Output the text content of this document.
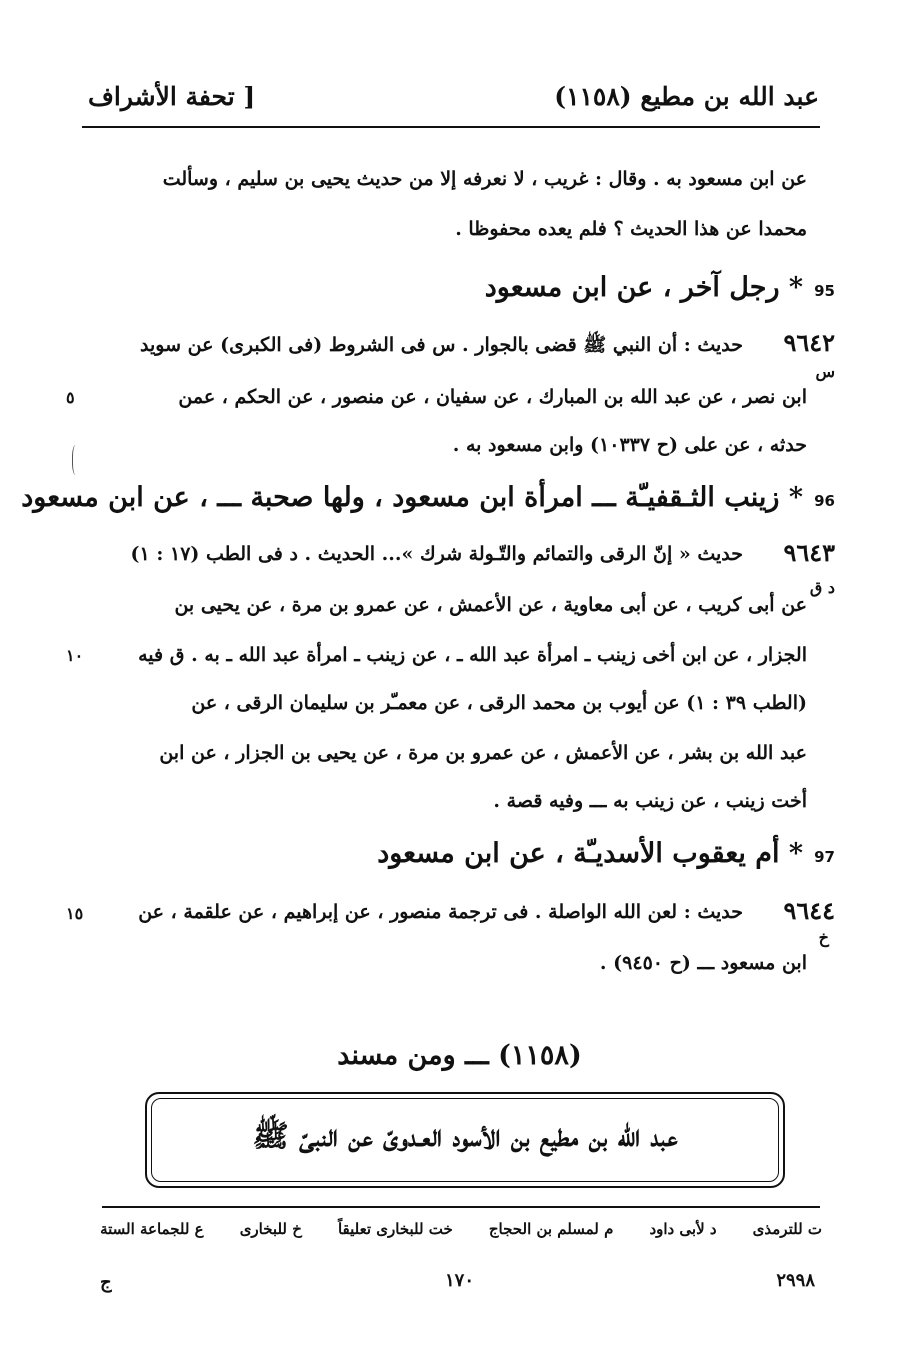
عبد الله بن مطيع (١١٥٨)
[ تحفة الأشراف
عن ابن مسعود به . وقال : غريب ، لا نعرفه إلا من حديث يحيى بن سليم ، وسألت
محمدا عن هذا الحديث ؟ فلم يعده محفوظا .
95
* رجل آخر ، عن ابن مسعود
٩٦٤٢
حديث : أن النبي ﷺ قضى بالجوار . س فى الشروط (فى الكبرى) عن سويد
س
ابن نصر ، عن عبد الله بن المبارك ، عن سفيان ، عن منصور ، عن الحكم ، عمن
٥
حدثه ، عن على (ح ١٠٣٣٧) وابن مسعود به .
96
* زينب الثـقفيـّة ـــ امرأة ابن مسعود ، ولها صحبة ـــ ، عن ابن مسعود
٩٦٤٣
حديث « إنّ الرقى والتمائم والتّـولة شرك »... الحديث . د فى الطب (١٧ : ١)
د ق
عن أبى كريب ، عن أبى معاوية ، عن الأعمش ، عن عمرو بن مرة ، عن يحيى بن
الجزار ، عن ابن أخى زينب ـ امرأة عبد الله ـ ، عن زينب ـ امرأة عبد الله ـ به . ق فيه
١٠
(الطب ٣٩ : ١) عن أيوب بن محمد الرقى ، عن معمـّر بن سليمان الرقى ، عن
عبد الله بن بشر ، عن الأعمش ، عن عمرو بن مرة ، عن يحيى بن الجزار ، عن ابن
أخت زينب ، عن زينب به ـــ وفيه قصة .
97
* أم يعقوب الأسديـّة ، عن ابن مسعود
٩٦٤٤
حديث : لعن الله الواصلة . فى ترجمة منصور ، عن إبراهيم ، عن علقمة ، عن
١٥
خ
ابن مسعود ـــ (ح ٩٤٥٠) .
(١١٥٨) ـــ ومن مسند
عبد الله بن مطيع بن الأسود العـدوىّ عن النبىّ ﷺ
ع للجماعة الستة خ للبخارى خت للبخارى تعليقاً م لمسلم بن الحجاج د لأبى داود ت للترمذى
ج	١٧٠	٢٩٩٨
